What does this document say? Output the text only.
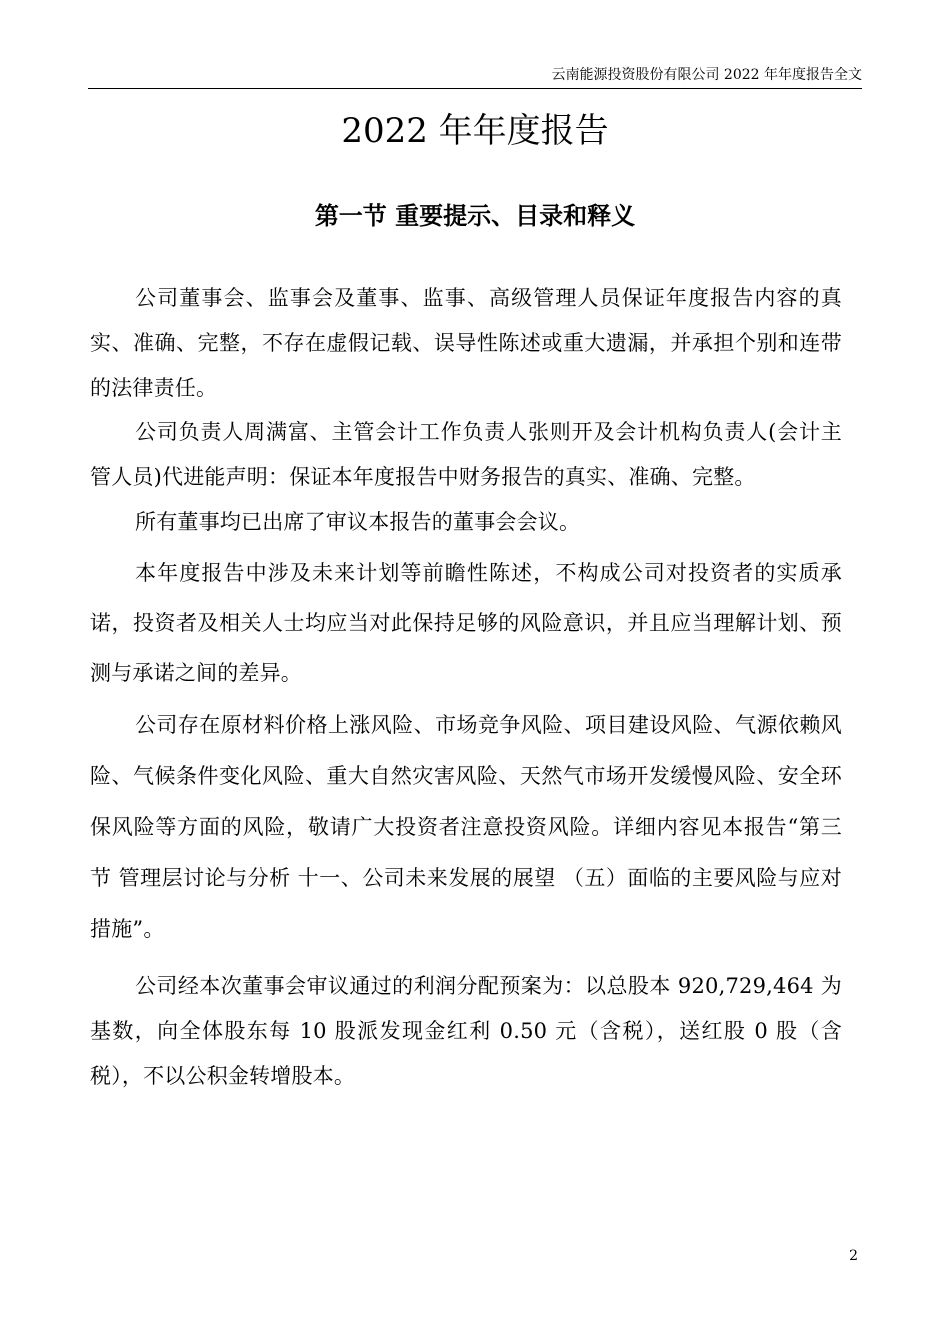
云南能源投资股份有限公司 2022 年年度报告全文
2022 年年度报告
第一节 重要提示、目录和释义

公司董事会、监事会及董事、监事、高级管理人员保证年度报告内容的真实、准确、完整，不存在虚假记载、误导性陈述或重大遗漏，并承担个别和连带的法律责任。

公司负责人周满富、主管会计工作负责人张则开及会计机构负责人(会计主管人员)代进能声明：保证本年度报告中财务报告的真实、准确、完整。

所有董事均已出席了审议本报告的董事会会议。

本年度报告中涉及未来计划等前瞻性陈述，不构成公司对投资者的实质承诺，投资者及相关人士均应当对此保持足够的风险意识，并且应当理解计划、预测与承诺之间的差异。

公司存在原材料价格上涨风险、市场竞争风险、项目建设风险、气源依赖风险、气候条件变化风险、重大自然灾害风险、天然气市场开发缓慢风险、安全环保风险等方面的风险，敬请广大投资者注意投资风险。详细内容见本报告“第三节 管理层讨论与分析 十一、公司未来发展的展望 （五）面临的主要风险与应对措施”。

公司经本次董事会审议通过的利润分配预案为：以总股本 920,729,464 为基数，向全体股东每 10 股派发现金红利 0.50 元（含税），送红股 0 股（含税），不以公积金转增股本。

2
